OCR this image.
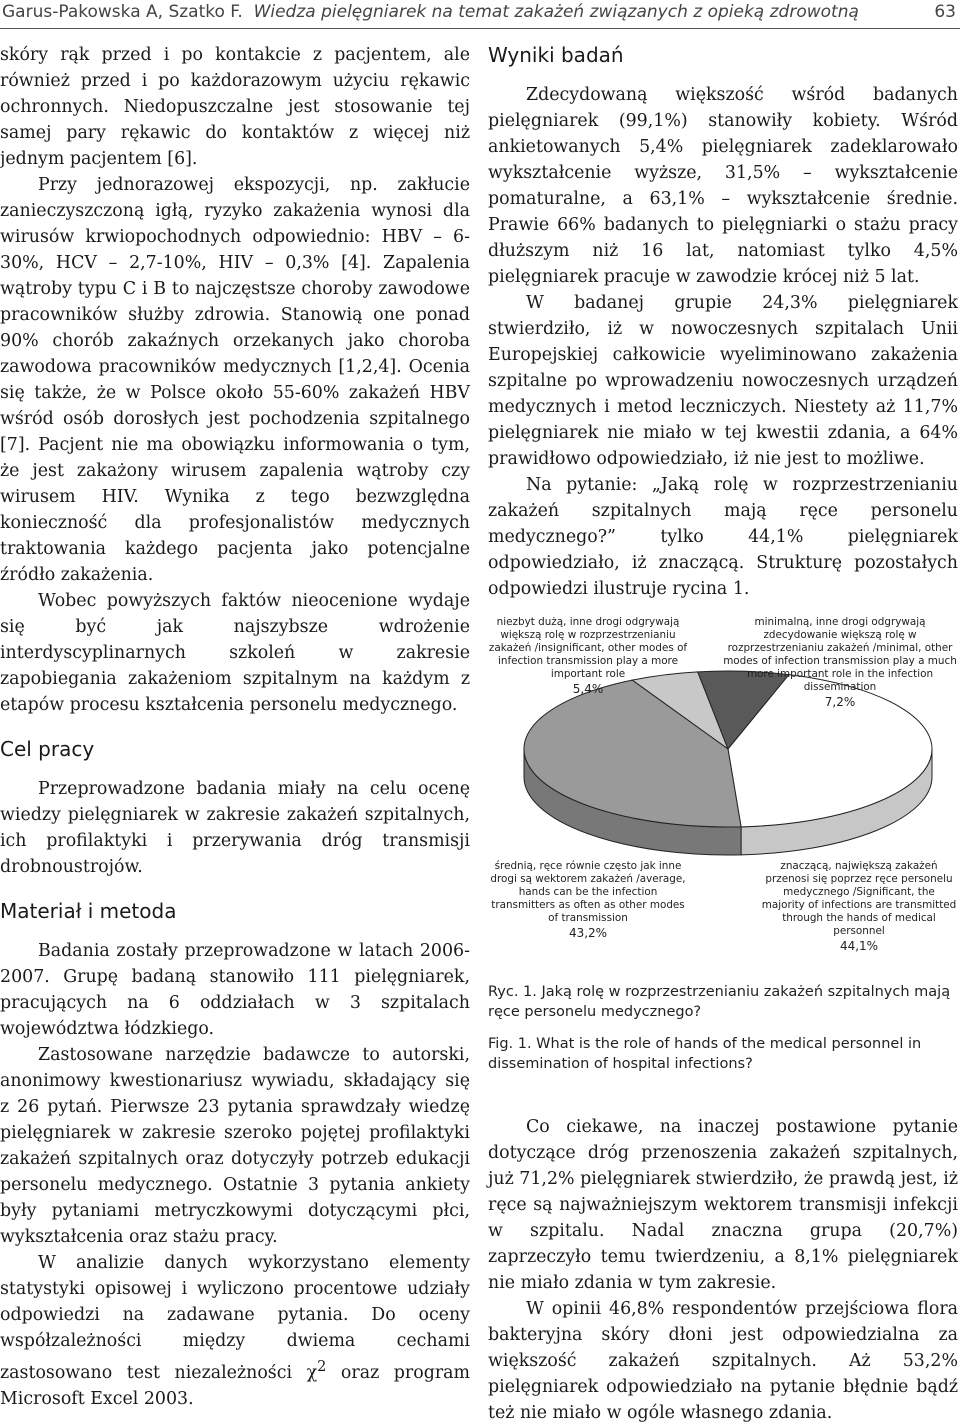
Garus-Pakowska A, Szatko F. Wiedza pielęgniarek na temat zakażeń związanych z opieką zdrowotną	63

skóry rąk przed i po kontakcie z pacjentem, ale również przed i po każdorazowym użyciu rękawic ochronnych. Niedopuszczalne jest stosowanie tej samej pary rękawic do kontaktów z więcej niż jednym pacjentem [6].

Przy jednorazowej ekspozycji, np. zakłucie zanieczyszczoną igłą, ryzyko zakażenia wynosi dla wirusów krwiopochodnych odpowiednio: HBV – 6-30%, HCV – 2,7-10%, HIV – 0,3% [4]. Zapalenia wątroby typu C i B to najczęstsze choroby zawodowe pracowników służby zdrowia. Stanowią one ponad 90% chorób zakaźnych orzekanych jako choroba zawodowa pracowników medycznych [1,2,4]. Ocenia się także, że w Polsce około 55-60% zakażeń HBV wśród osób dorosłych jest pochodzenia szpitalnego [7]. Pacjent nie ma obowiązku informowania o tym, że jest zakażony wirusem zapalenia wątroby czy wirusem HIV. Wynika z tego bezwzględna konieczność dla profesjonalistów medycznych traktowania każdego pacjenta jako potencjalne źródło zakażenia.

Wobec powyższych faktów nieocenione wydaje się być jak najszybsze wdrożenie interdyscyplinarnych szkoleń w zakresie zapobiegania zakażeniom szpitalnym na każdym z etapów procesu kształcenia personelu medycznego.

Cel pracy

Przeprowadzone badania miały na celu ocenę wiedzy pielęgniarek w zakresie zakażeń szpitalnych, ich profilaktyki i przerywania dróg transmisji drobnoustrojów.

Materiał i metoda

Badania zostały przeprowadzone w latach 2006-2007. Grupę badaną stanowiło 111 pielęgniarek, pracujących na 6 oddziałach w 3 szpitalach województwa łódzkiego.

Zastosowane narzędzie badawcze to autorski, anonimowy kwestionariusz wywiadu, składający się z 26 pytań. Pierwsze 23 pytania sprawdzały wiedzę pielęgniarek w zakresie szeroko pojętej profilaktyki zakażeń szpitalnych oraz dotyczyły potrzeb edukacji personelu medycznego. Ostatnie 3 pytania ankiety były pytaniami metryczkowymi dotyczącymi płci, wykształcenia oraz stażu pracy.

W analizie danych wykorzystano elementy statystyki opisowej i wyliczono procentowe udziały odpowiedzi na zadawane pytania. Do oceny współzależności między dwiema cechami zastosowano test niezależności $\chi^2$ oraz program Microsoft Excel 2003.

Wyniki badań

Zdecydowaną większość wśród badanych pielęgniarek (99,1%) stanowiły kobiety. Wśród ankietowanych 5,4% pielęgniarek zadeklarowało wykształcenie wyższe, 31,5% – wykształcenie pomaturalne, a 63,1% – wykształcenie średnie. Prawie 66% badanych to pielęgniarki o stażu pracy dłuższym niż 16 lat, natomiast tylko 4,5% pielęgniarek pracuje w zawodzie krócej niż 5 lat.

W badanej grupie 24,3% pielęgniarek stwierdziło, iż w nowoczesnych szpitalach Unii Europejskiej całkowicie wyeliminowano zakażenia szpitalne po wprowadzeniu nowoczesnych urządzeń medycznych i metod leczniczych. Niestety aż 11,7% pielęgniarek nie miało w tej kwestii zdania, a 64% prawidłowo odpowiedziało, iż nie jest to możliwe.

Na pytanie: „Jaką rolę w rozprzestrzenianiu zakażeń szpitalnych mają ręce personelu medycznego?” tylko 44,1% pielęgniarek odpowiedziało, iż znaczącą. Strukturę pozostałych odpowiedzi ilustruje rycina 1.

niezbyt dużą, inne drogi odgrywają większą rolę w rozprzestrzenianiu zakażeń /insignificant, other modes of infection transmission play a more important role
5,4%
minimalną, inne drogi odgrywają zdecydowanie większą rolę w rozprzestrzenianiu zakażeń /minimal, other modes of infection transmission play a much more important role in the infection dissemination
7,2%
średnią, ręce równie często jak inne drogi są wektorem zakażeń /average, hands can be the infection transmitters as often as other modes of transmission
43,2%
znaczącą, największą zakażeń przenosi się poprzez ręce personelu medycznego /Significant, the majority of infections are transmitted through the hands of medical personnel
44,1%
Ryc. 1. Jaką rolę w rozprzestrzenianiu zakażeń szpitalnych mają ręce personelu medycznego?
Fig. 1. What is the role of hands of the medical personnel in dissemination of hospital infections?

Co ciekawe, na inaczej postawione pytanie dotyczące dróg przenoszenia zakażeń szpitalnych, już 71,2% pielęgniarek stwierdziło, że prawdą jest, iż ręce są najważniejszym wektorem transmisji infekcji w szpitalu. Nadal znaczna grupa (20,7%) zaprzeczyło temu twierdzeniu, a 8,1% pielęgniarek nie miało zdania w tym zakresie.

W opinii 46,8% respondentów przejściowa flora bakteryjna skóry dłoni jest odpowiedzialna za większość zakażeń szpitalnych. Aż 53,2% pielęgniarek odpowiedziało na pytanie błędnie bądź też nie miało w ogóle własnego zdania.
